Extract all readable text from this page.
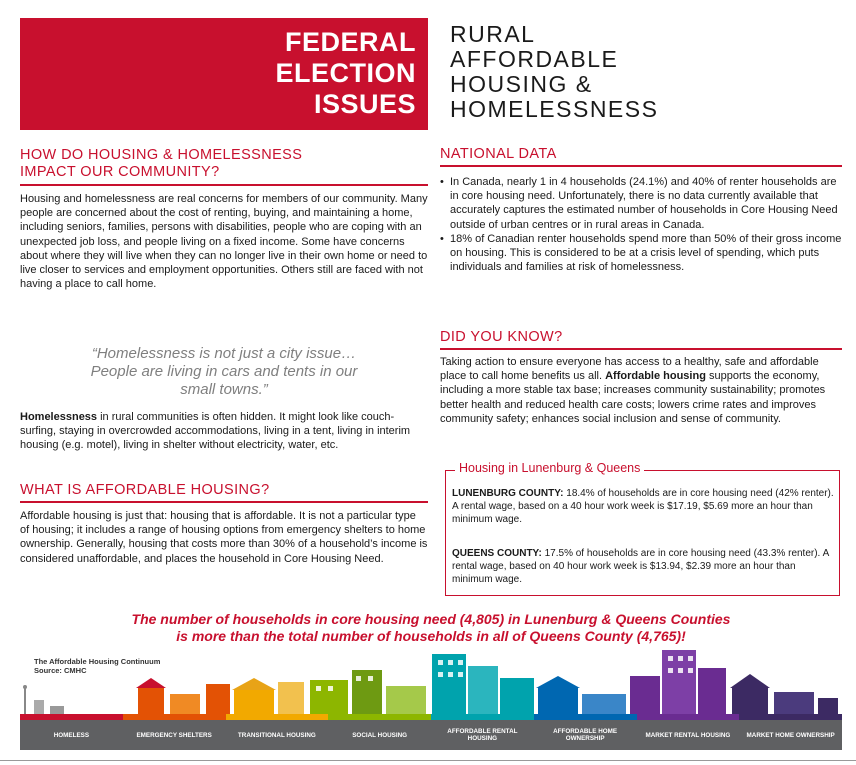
FEDERAL
ELECTION
ISSUES
RURAL
AFFORDABLE
HOUSING &
HOMELESSNESS
HOW DO HOUSING & HOMELESSNESS
IMPACT OUR COMMUNITY?
Housing and homelessness are real concerns for members of our community. Many people are concerned about the cost of renting, buying, and maintaining a home, including seniors, families, persons with disabilities, people who are coping with an unexpected job loss, and people living on a fixed income. Some have concerns about where they will live when they can no longer live in their own home or need to live closer to services and employment opportunities. Others still are faced with not having a place to call home.
“Homelessness is not just a city issue…
People are living in cars and tents in our
small towns.”
Homelessness in rural communities is often hidden. It might look like couch-surfing, staying in overcrowded accommodations, living in a tent, living in interim housing (e.g. motel), living in shelter without electricity, water, etc.
WHAT IS AFFORDABLE HOUSING?
Affordable housing is just that: housing that is affordable. It is not a particular type of housing; it includes a range of housing options from emergency shelters to home ownership. Generally, housing that costs more than 30% of a household’s income is considered unaffordable, and places the household in Core Housing Need.
NATIONAL DATA
• In Canada, nearly 1 in 4 households (24.1%) and 40% of renter households are in core housing need. Unfortunately, there is no data currently available that accurately captures the estimated number of households in Core Housing Need outside of urban centres or in rural areas in Canada.
• 18% of Canadian renter households spend more than 50% of their gross income on housing. This is considered to be at a crisis level of spending, which puts individuals and families at risk of homelessness.
DID YOU KNOW?
Taking action to ensure everyone has access to a healthy, safe and affordable place to call home benefits us all. Affordable housing supports the economy, including a more stable tax base; increases community sustainability; promotes better health and reduced health care costs; lowers crime rates and improves community safety; enhances social inclusion and sense of community.
Housing in Lunenburg & Queens
LUNENBURG COUNTY: 18.4% of households are in core housing need (42% renter). A rental wage, based on a 40 hour work week is $17.19, $5.69 more an hour than minimum wage.
QUEENS COUNTY: 17.5% of households are in core housing need (43.3% renter). A rental wage, based on 40 hour work week is $13.94, $2.39 more an hour than minimum wage.
The number of households in core housing need (4,805) in Lunenburg & Queens Counties
is more than the total number of households in all of Queens County (4,765)!
The Affordable Housing Continuum
Source: CMHC
HOMELESS	EMERGENCY SHELTERS	TRANSITIONAL HOUSING	SOCIAL HOUSING	AFFORDABLE RENTAL HOUSING
AFFORDABLE HOME OWNERSHIP	MARKET RENTAL HOUSING	MARKET HOME OWNERSHIP
